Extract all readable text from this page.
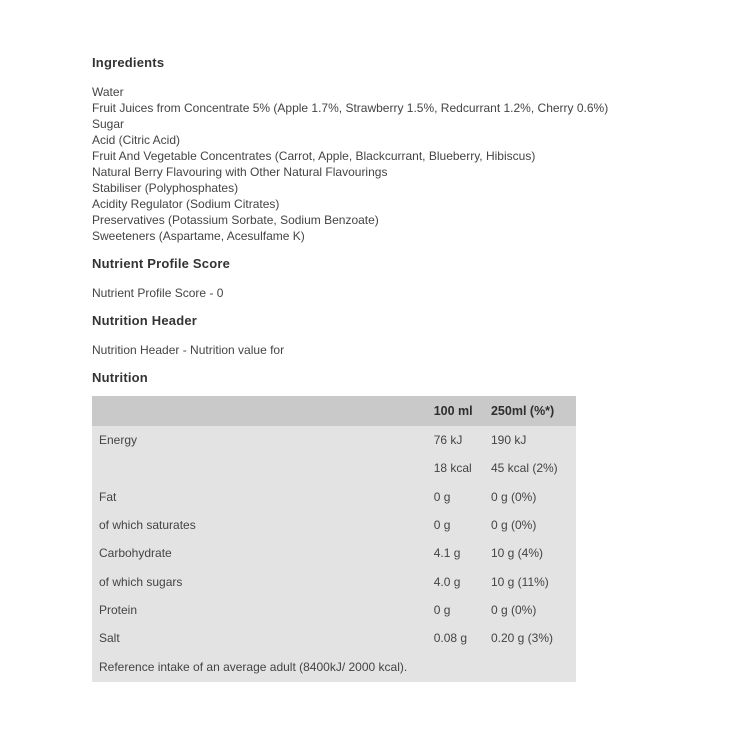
Ingredients
Water
Fruit Juices from Concentrate 5% (Apple 1.7%, Strawberry 1.5%, Redcurrant 1.2%, Cherry 0.6%)
Sugar
Acid (Citric Acid)
Fruit And Vegetable Concentrates (Carrot, Apple, Blackcurrant, Blueberry, Hibiscus)
Natural Berry Flavouring with Other Natural Flavourings
Stabiliser (Polyphosphates)
Acidity Regulator (Sodium Citrates)
Preservatives (Potassium Sorbate, Sodium Benzoate)
Sweeteners (Aspartame, Acesulfame K)
Nutrient Profile Score

Nutrient Profile Score - 0

Nutrition Header

Nutrition Header - Nutrition value for

Nutrition
	100 ml	250ml (%*)
Energy	76 kJ	190 kJ
	18 kcal	45 kcal (2%)
Fat	0 g	0 g (0%)
of which saturates	0 g	0 g (0%)
Carbohydrate	4.1 g	10 g (4%)
of which sugars	4.0 g	10 g (11%)
Protein	0 g	0 g (0%)
Salt	0.08 g	0.20 g (3%)
Reference intake of an average adult (8400kJ/ 2000 kcal).		
